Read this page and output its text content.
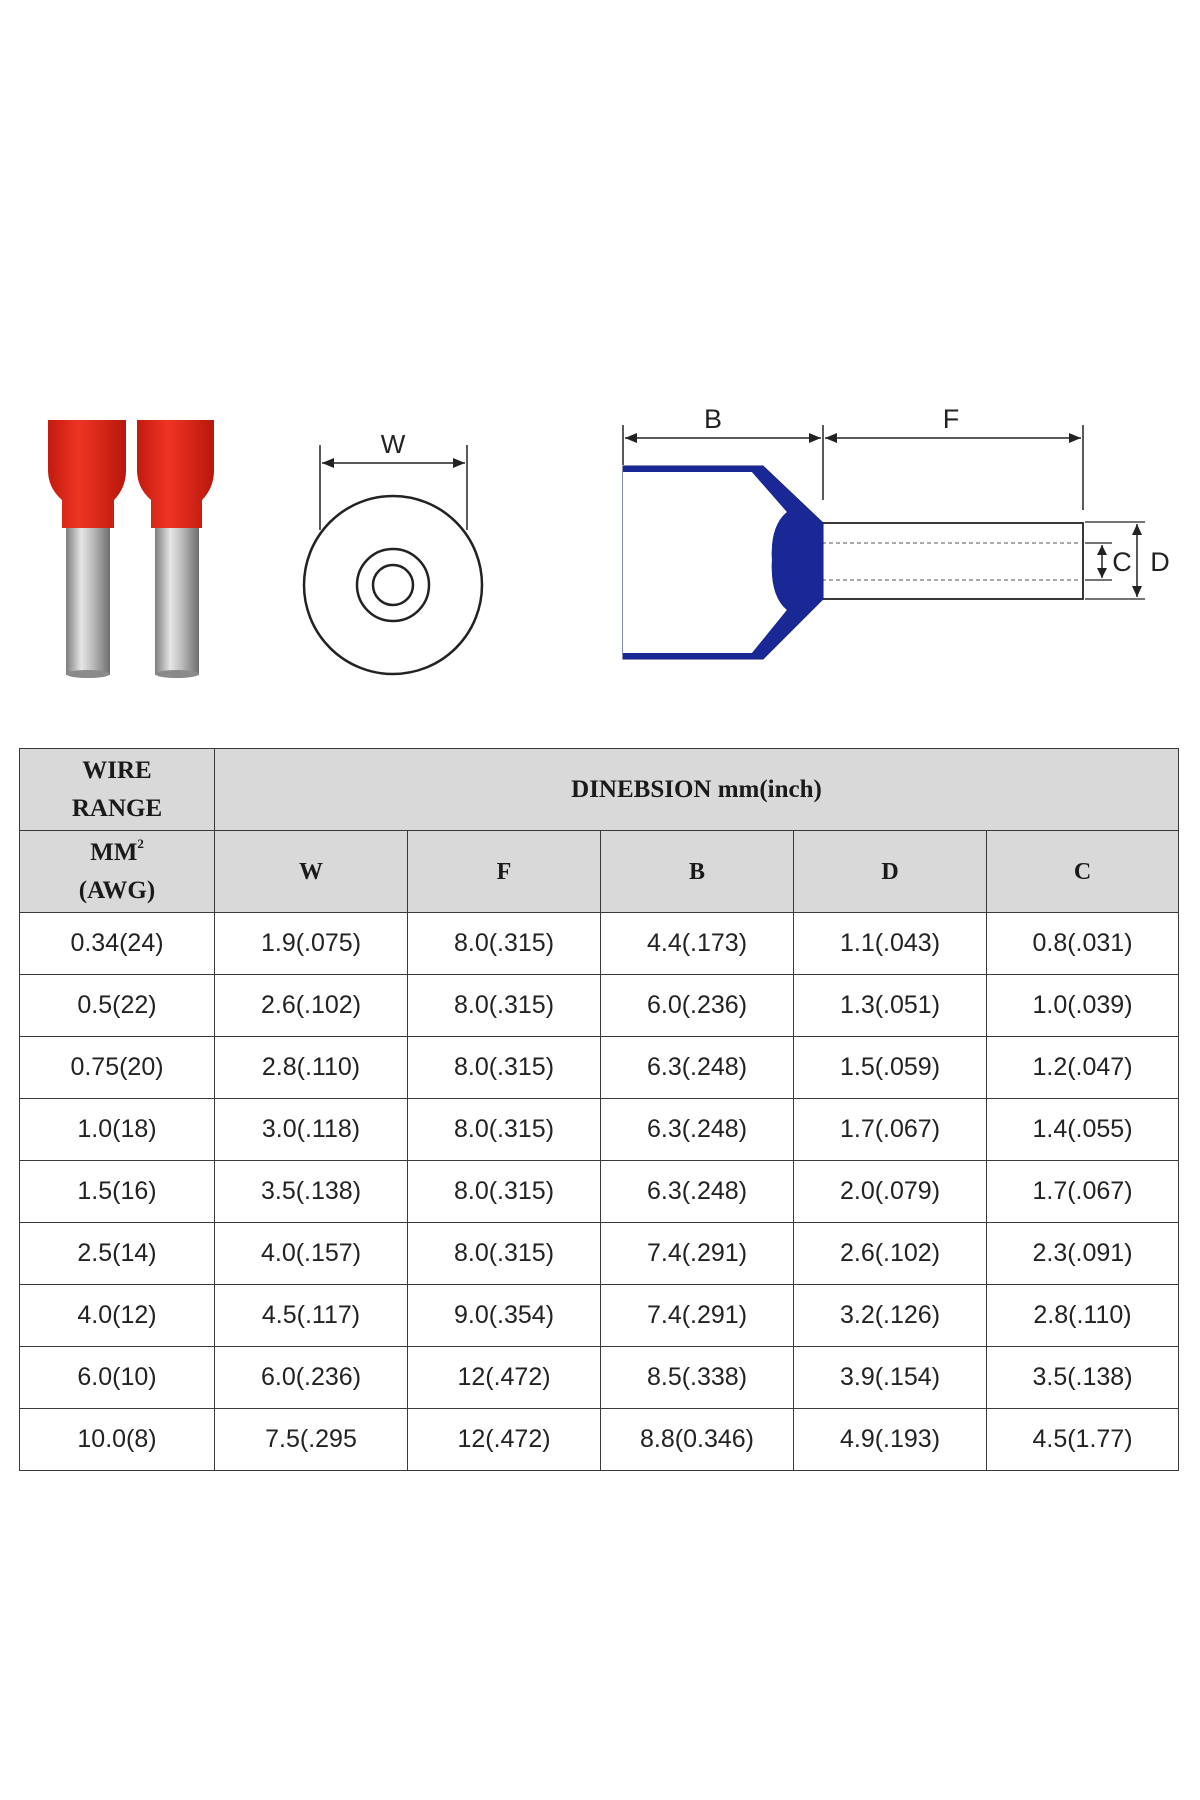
W
B	F
C D
WIRE
RANGE	DINEBSION mm(inch)				

$MM^2$
(AWG)	W	F	B	D	C
0.34(24)	1.9(.075)	8.0(.315)	4.4(.173)	1.1(.043)	0.8(.031)
0.5(22)	2.6(.102)	8.0(.315)	6.0(.236)	1.3(.051)	1.0(.039)
0.75(20)	2.8(.110)	8.0(.315)	6.3(.248)	1.5(.059)	1.2(.047)
1.0(18)	3.0(.118)	8.0(.315)	6.3(.248)	1.7(.067)	1.4(.055)
1.5(16)	3.5(.138)	8.0(.315)	6.3(.248)	2.0(.079)	1.7(.067)
2.5(14)	4.0(.157)	8.0(.315)	7.4(.291)	2.6(.102)	2.3(.091)
4.0(12)	4.5(.117)	9.0(.354)	7.4(.291)	3.2(.126)	2.8(.110)
6.0(10)	6.0(.236)	12(.472)	8.5(.338)	3.9(.154)	3.5(.138)
10.0(8)	7.5(.295	12(.472)	8.8(0.346)	4.9(.193)	4.5(1.77)
